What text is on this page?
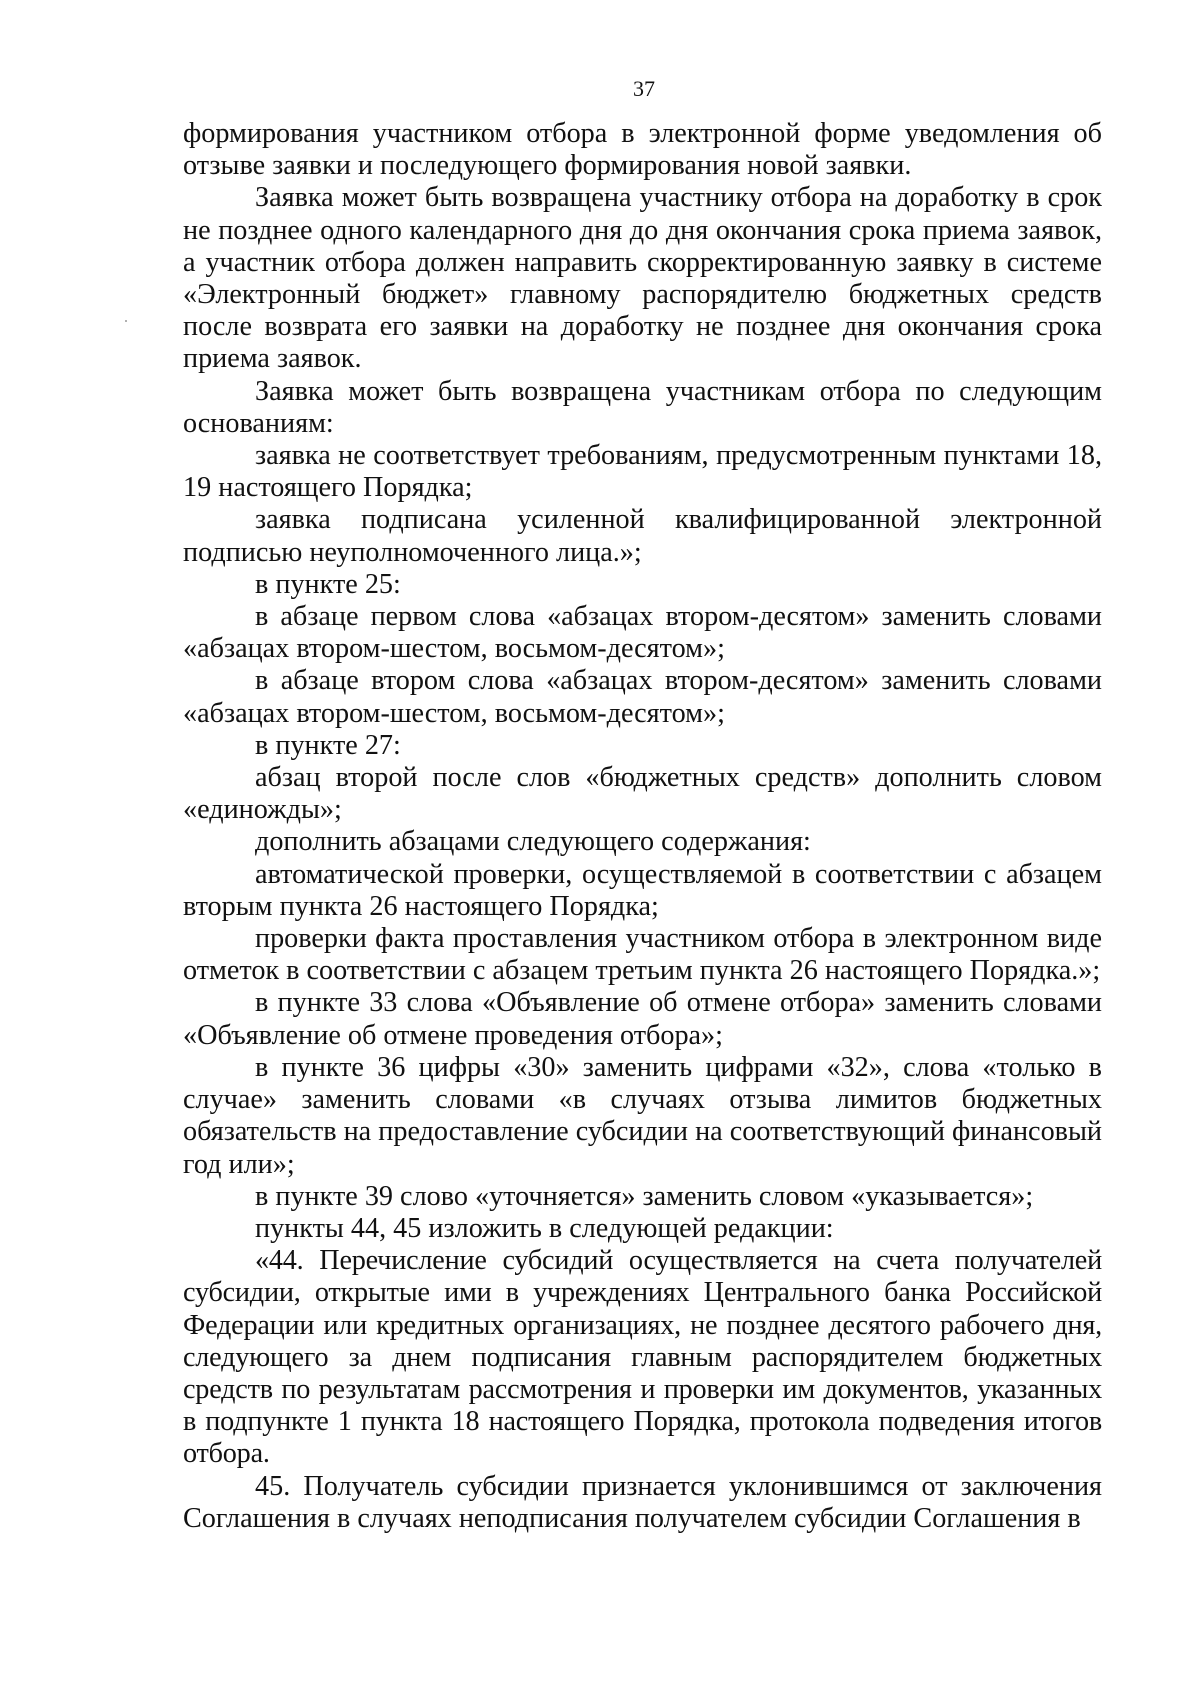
37

формирования участником отбора в электронной форме уведомления об отзыве заявки и последующего формирования новой заявки.

Заявка может быть возвращена участнику отбора на доработку в срок не позднее одного календарного дня до дня окончания срока приема заявок, а участник отбора должен направить скорректированную заявку в системе «Электронный бюджет» главному распорядителю бюджетных средств после возврата его заявки на доработку не позднее дня окончания срока приема заявок.

Заявка может быть возвращена участникам отбора по следующим основаниям:

заявка не соответствует требованиям, предусмотренным пунктами 18, 19 настоящего Порядка;

заявка подписана усиленной квалифицированной электронной подписью неуполномоченного лица.»;

в пункте 25:

в абзаце первом слова «абзацах втором-десятом» заменить словами «абзацах втором-шестом, восьмом-десятом»;

в абзаце втором слова «абзацах втором-десятом» заменить словами «абзацах втором-шестом, восьмом-десятом»;

в пункте 27:

абзац второй после слов «бюджетных средств» дополнить словом «единожды»;

дополнить абзацами следующего содержания:

автоматической проверки, осуществляемой в соответствии с абзацем вторым пункта 26 настоящего Порядка;

проверки факта проставления участником отбора в электронном виде отметок в соответствии с абзацем третьим пункта 26 настоящего Порядка.»;

в пункте 33 слова «Объявление об отмене отбора» заменить словами «Объявление об отмене проведения отбора»;

в пункте 36 цифры «30» заменить цифрами «32», слова «только в случае» заменить словами «в случаях отзыва лимитов бюджетных обязательств на предоставление субсидии на соответствующий финансовый год или»;

в пункте 39 слово «уточняется» заменить словом «указывается»;

пункты 44, 45 изложить в следующей редакции:

«44. Перечисление субсидий осуществляется на счета получателей субсидии, открытые ими в учреждениях Центрального банка Российской Федерации или кредитных организациях, не позднее десятого рабочего дня, следующего за днем подписания главным распорядителем бюджетных средств по результатам рассмотрения и проверки им документов, указанных в подпункте 1 пункта 18 настоящего Порядка, протокола подведения итогов отбора.

45. Получатель субсидии признается уклонившимся от заключения Соглашения в случаях неподписания получателем субсидии Соглашения в
